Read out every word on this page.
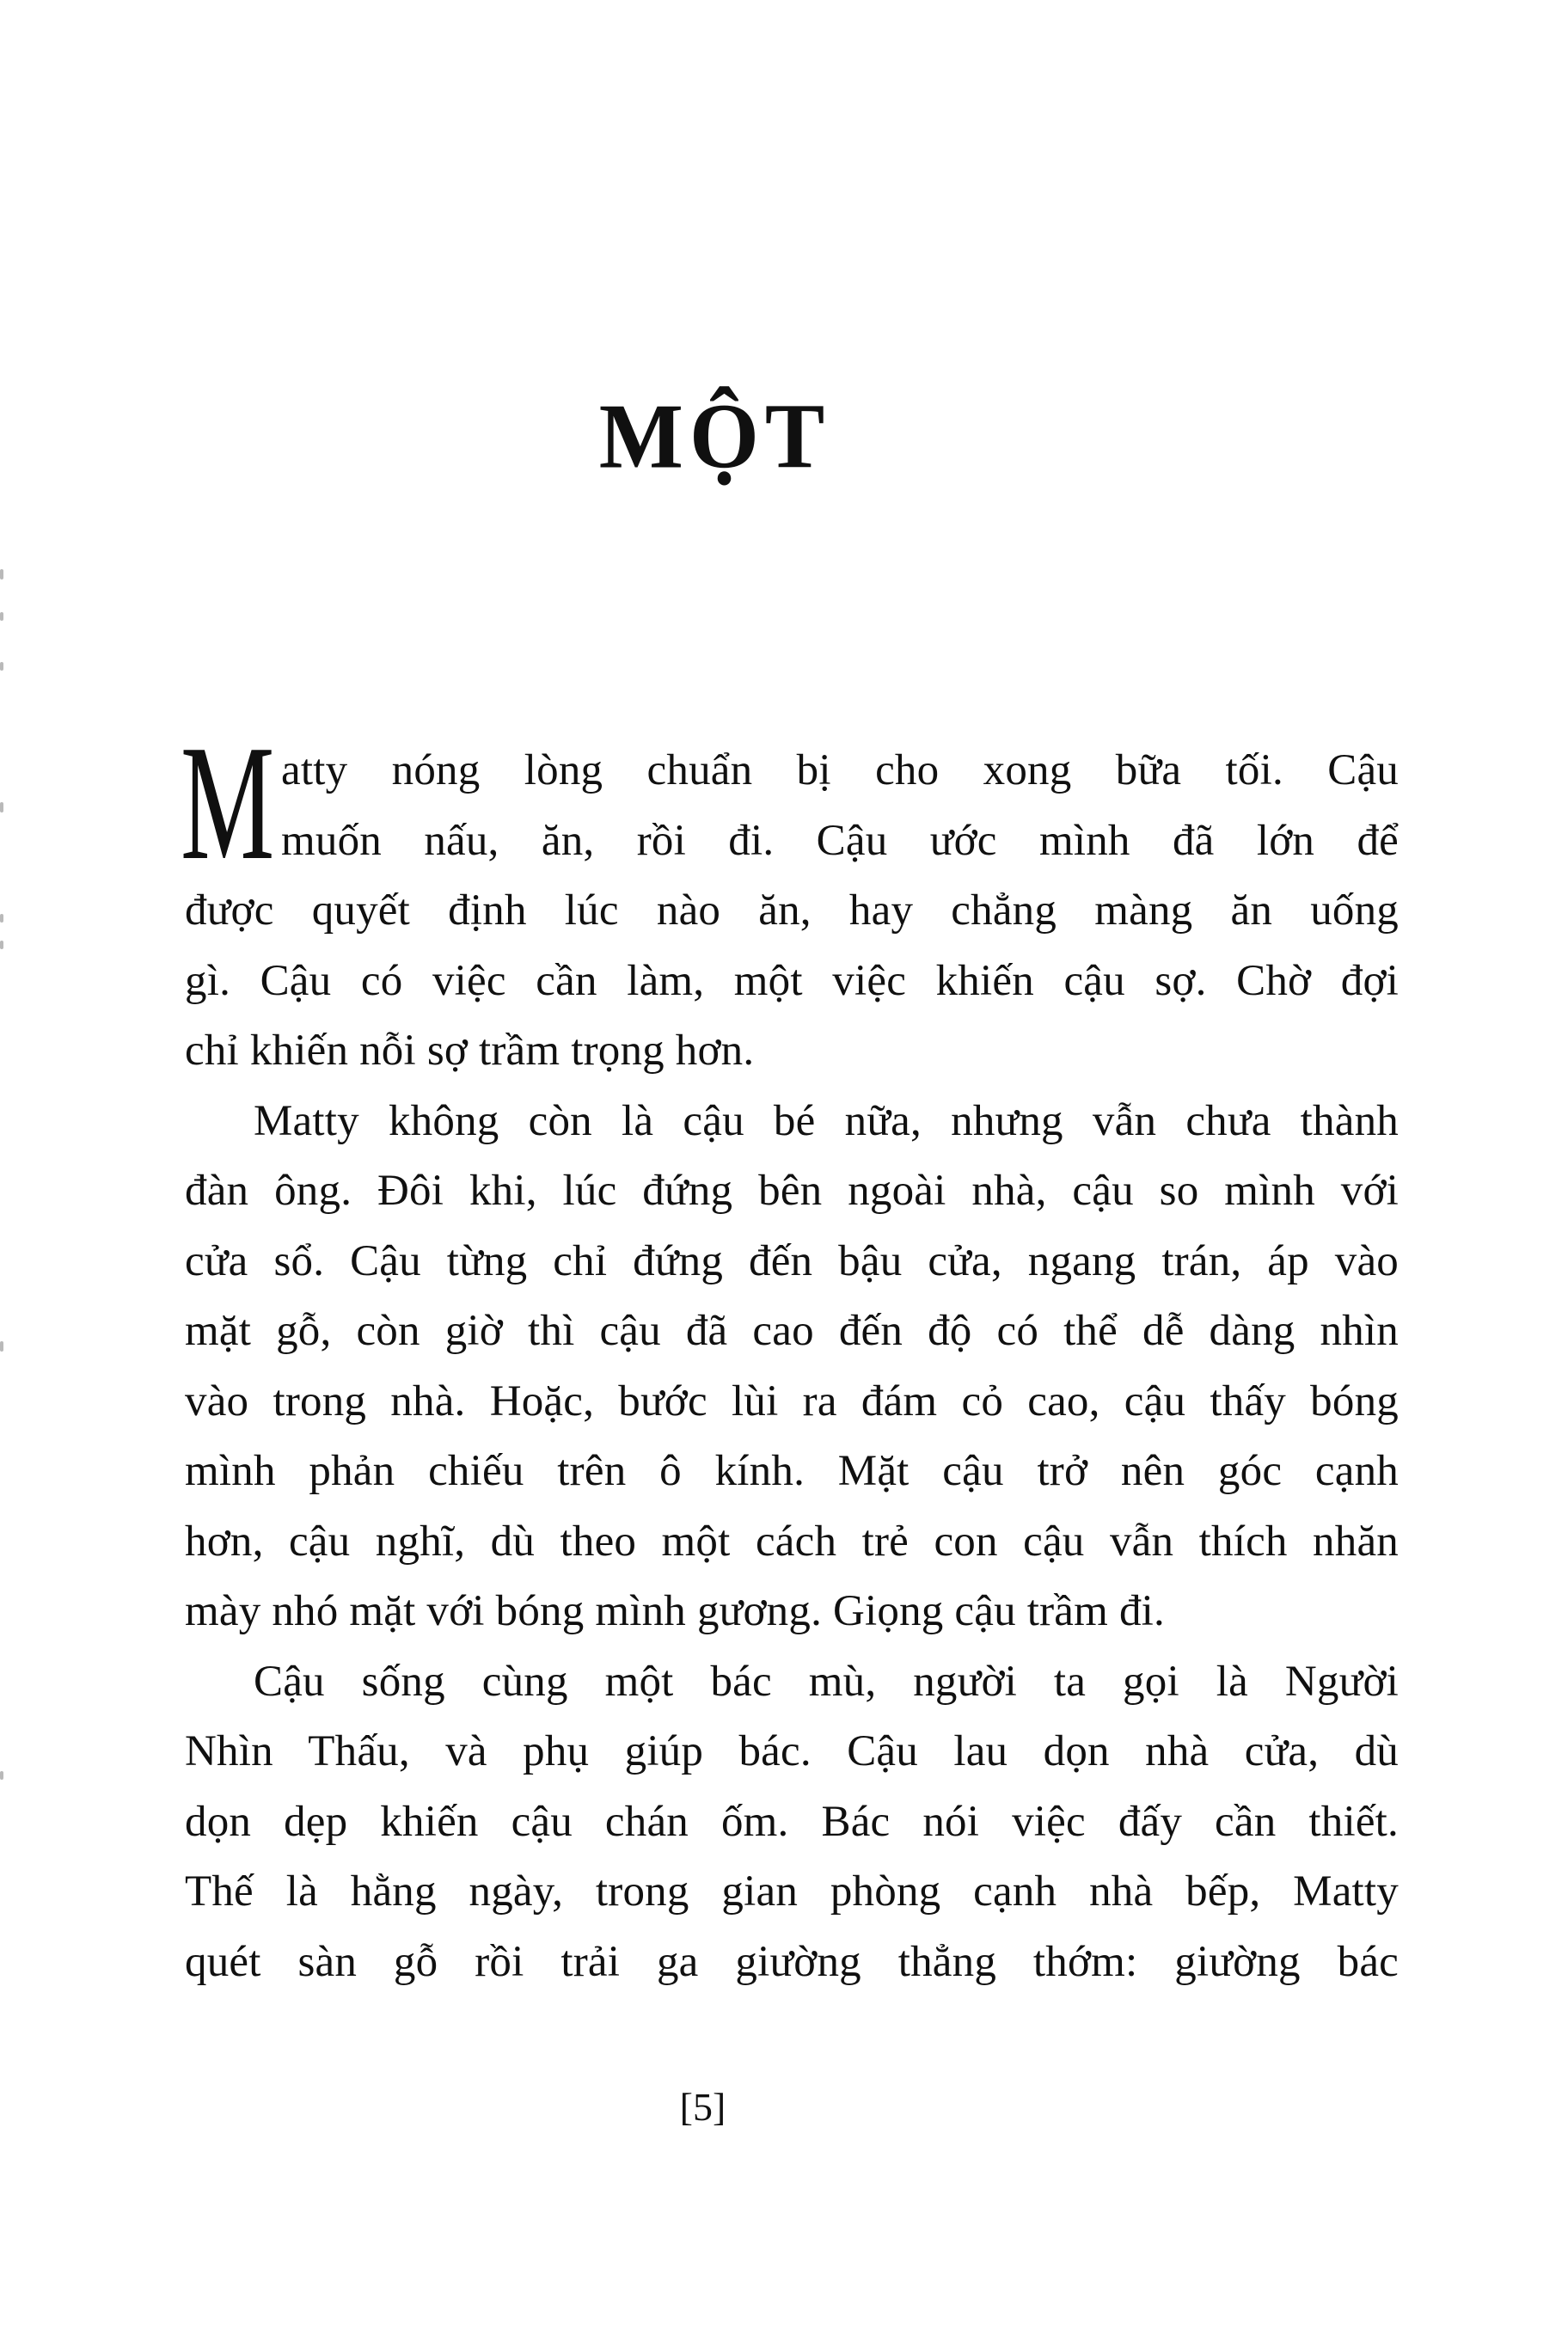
MỘT
M atty nóng lòng chuẩn bị cho xong bữa tối. Cậu
muốn nấu, ăn, rồi đi. Cậu ước mình đã lớn để
được quyết định lúc nào ăn, hay chẳng màng ăn uống
gì. Cậu có việc cần làm, một việc khiến cậu sợ. Chờ đợi
chỉ khiến nỗi sợ trầm trọng hơn.
Matty không còn là cậu bé nữa, nhưng vẫn chưa thành
đàn ông. Đôi khi, lúc đứng bên ngoài nhà, cậu so mình với
cửa sổ. Cậu từng chỉ đứng đến bậu cửa, ngang trán, áp vào
mặt gỗ, còn giờ thì cậu đã cao đến độ có thể dễ dàng nhìn
vào trong nhà. Hoặc, bước lùi ra đám cỏ cao, cậu thấy bóng
mình phản chiếu trên ô kính. Mặt cậu trở nên góc cạnh
hơn, cậu nghĩ, dù theo một cách trẻ con cậu vẫn thích nhăn
mày nhó mặt với bóng mình gương. Giọng cậu trầm đi.
Cậu sống cùng một bác mù, người ta gọi là Người
Nhìn Thấu, và phụ giúp bác. Cậu lau dọn nhà cửa, dù
dọn dẹp khiến cậu chán ốm. Bác nói việc đấy cần thiết.
Thế là hằng ngày, trong gian phòng cạnh nhà bếp, Matty
quét sàn gỗ rồi trải ga giường thẳng thớm: giường bác
[5]
